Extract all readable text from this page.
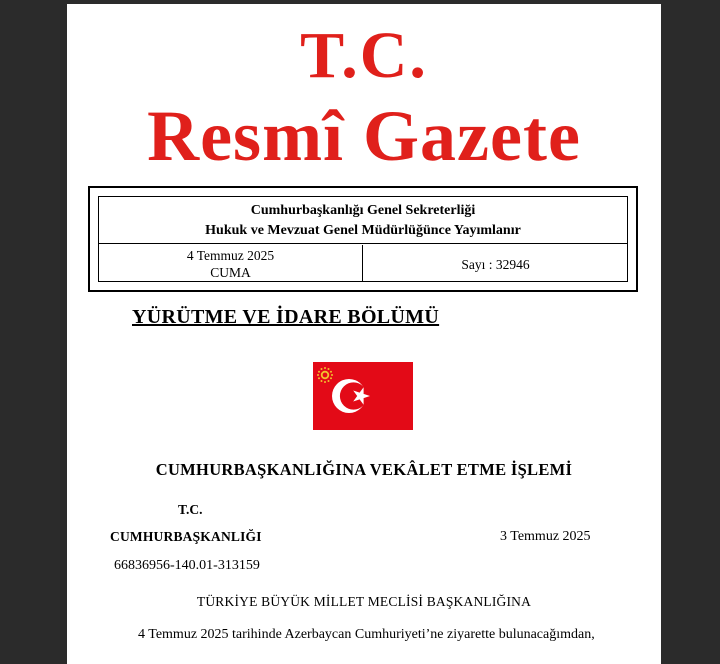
T.C.
Resmî Gazete
Cumhurbaşkanlığı Genel Sekreterliği
Hukuk ve Mevzuat Genel Müdürlüğünce Yayımlanır
4 Temmuz 2025
CUMA
Sayı : 32946
YÜRÜTME VE İDARE BÖLÜMÜ
CUMHURBAŞKANLIĞINA VEKÂLET ETME İŞLEMİ
T.C.
CUMHURBAŞKANLIĞI	3 Temmuz 2025
66836956-140.01-313159
TÜRKİYE BÜYÜK MİLLET MECLİSİ BAŞKANLIĞINA
4 Temmuz 2025 tarihinde Azerbaycan Cumhuriyeti’ne ziyarette bulunacağımdan,
